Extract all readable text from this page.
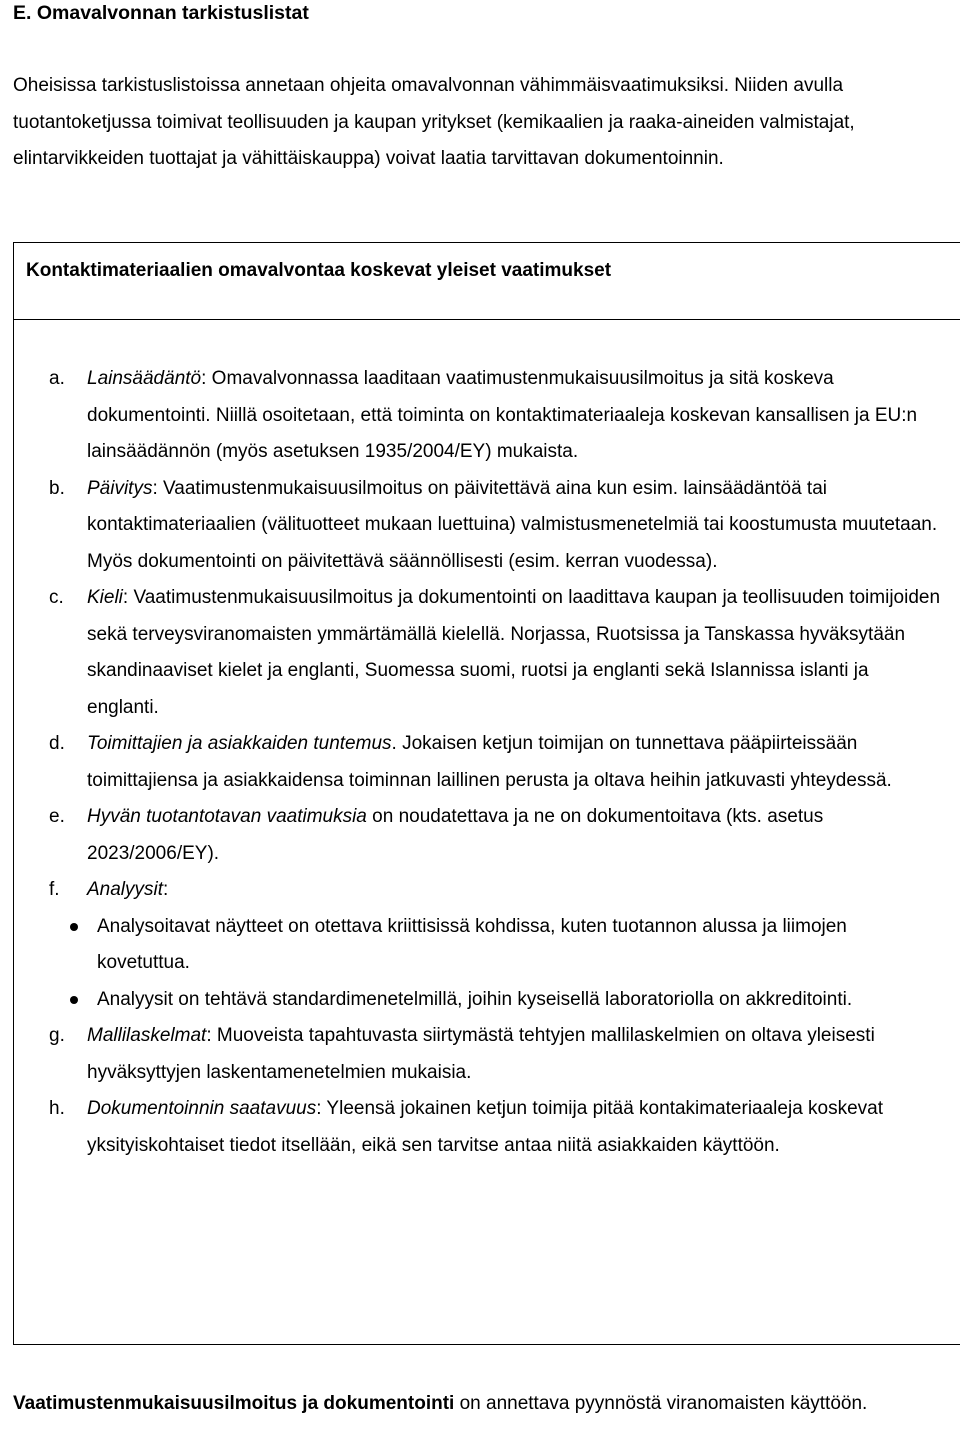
E. Omavalvonnan tarkistuslistat

Oheisissa tarkistuslistoissa annetaan ohjeita omavalvonnan vähimmäisvaatimuksiksi. Niiden avulla tuotantoketjussa toimivat teollisuuden ja kaupan yritykset (kemikaalien ja raaka-aineiden valmistajat, elintarvikkeiden tuottajat ja vähittäiskauppa) voivat laatia tarvittavan dokumentoinnin.

Kontaktimateriaalien omavalvontaa koskevat yleiset vaatimukset
a. Lainsäädäntö: Omavalvonnassa laaditaan vaatimustenmukaisuusilmoitus ja sitä koskeva dokumentointi. Niillä osoitetaan, että toiminta on kontaktimateriaaleja koskevan kansallisen ja EU:n lainsäädännön (myös asetuksen 1935/2004/EY) mukaista.
b. Päivitys: Vaatimustenmukaisuusilmoitus on päivitettävä aina kun esim. lainsäädäntöä tai kontaktimateriaalien (välituotteet mukaan luettuina) valmistusmenetelmiä tai koostumusta muutetaan. Myös dokumentointi on päivitettävä säännöllisesti (esim. kerran vuodessa).
c. Kieli: Vaatimustenmukaisuusilmoitus ja dokumentointi on laadittava kaupan ja teollisuuden toimijoiden sekä terveysviranomaisten ymmärtämällä kielellä. Norjassa, Ruotsissa ja Tanskassa hyväksytään skandinaaviset kielet ja englanti, Suomessa suomi, ruotsi ja englanti sekä Islannissa islanti ja englanti.
d. Toimittajien ja asiakkaiden tuntemus. Jokaisen ketjun toimijan on tunnettava pääpiirteissään toimittajiensa ja asiakkaidensa toiminnan laillinen perusta ja oltava heihin jatkuvasti yhteydessä.
e. Hyvän tuotantotavan vaatimuksia on noudatettava ja ne on dokumentoitava (kts. asetus 2023/2006/EY).
f. Analyysit:
Analysoitavat näytteet on otettava kriittisissä kohdissa, kuten tuotannon alussa ja liimojen kovetuttua.
Analyysit on tehtävä standardimenetelmillä, joihin kyseisellä laboratoriolla on akkreditointi.
g. Mallilaskelmat: Muoveista tapahtuvasta siirtymästä tehtyjen mallilaskelmien on oltava yleisesti hyväksyttyjen laskentamenetelmien mukaisia.
h. Dokumentoinnin saatavuus: Yleensä jokainen ketjun toimija pitää kontakimateriaaleja koskevat yksityiskohtaiset tiedot itsellään, eikä sen tarvitse antaa niitä asiakkaiden käyttöön.

Vaatimustenmukaisuusilmoitus ja dokumentointi on annettava pyynnöstä viranomaisten käyttöön.
